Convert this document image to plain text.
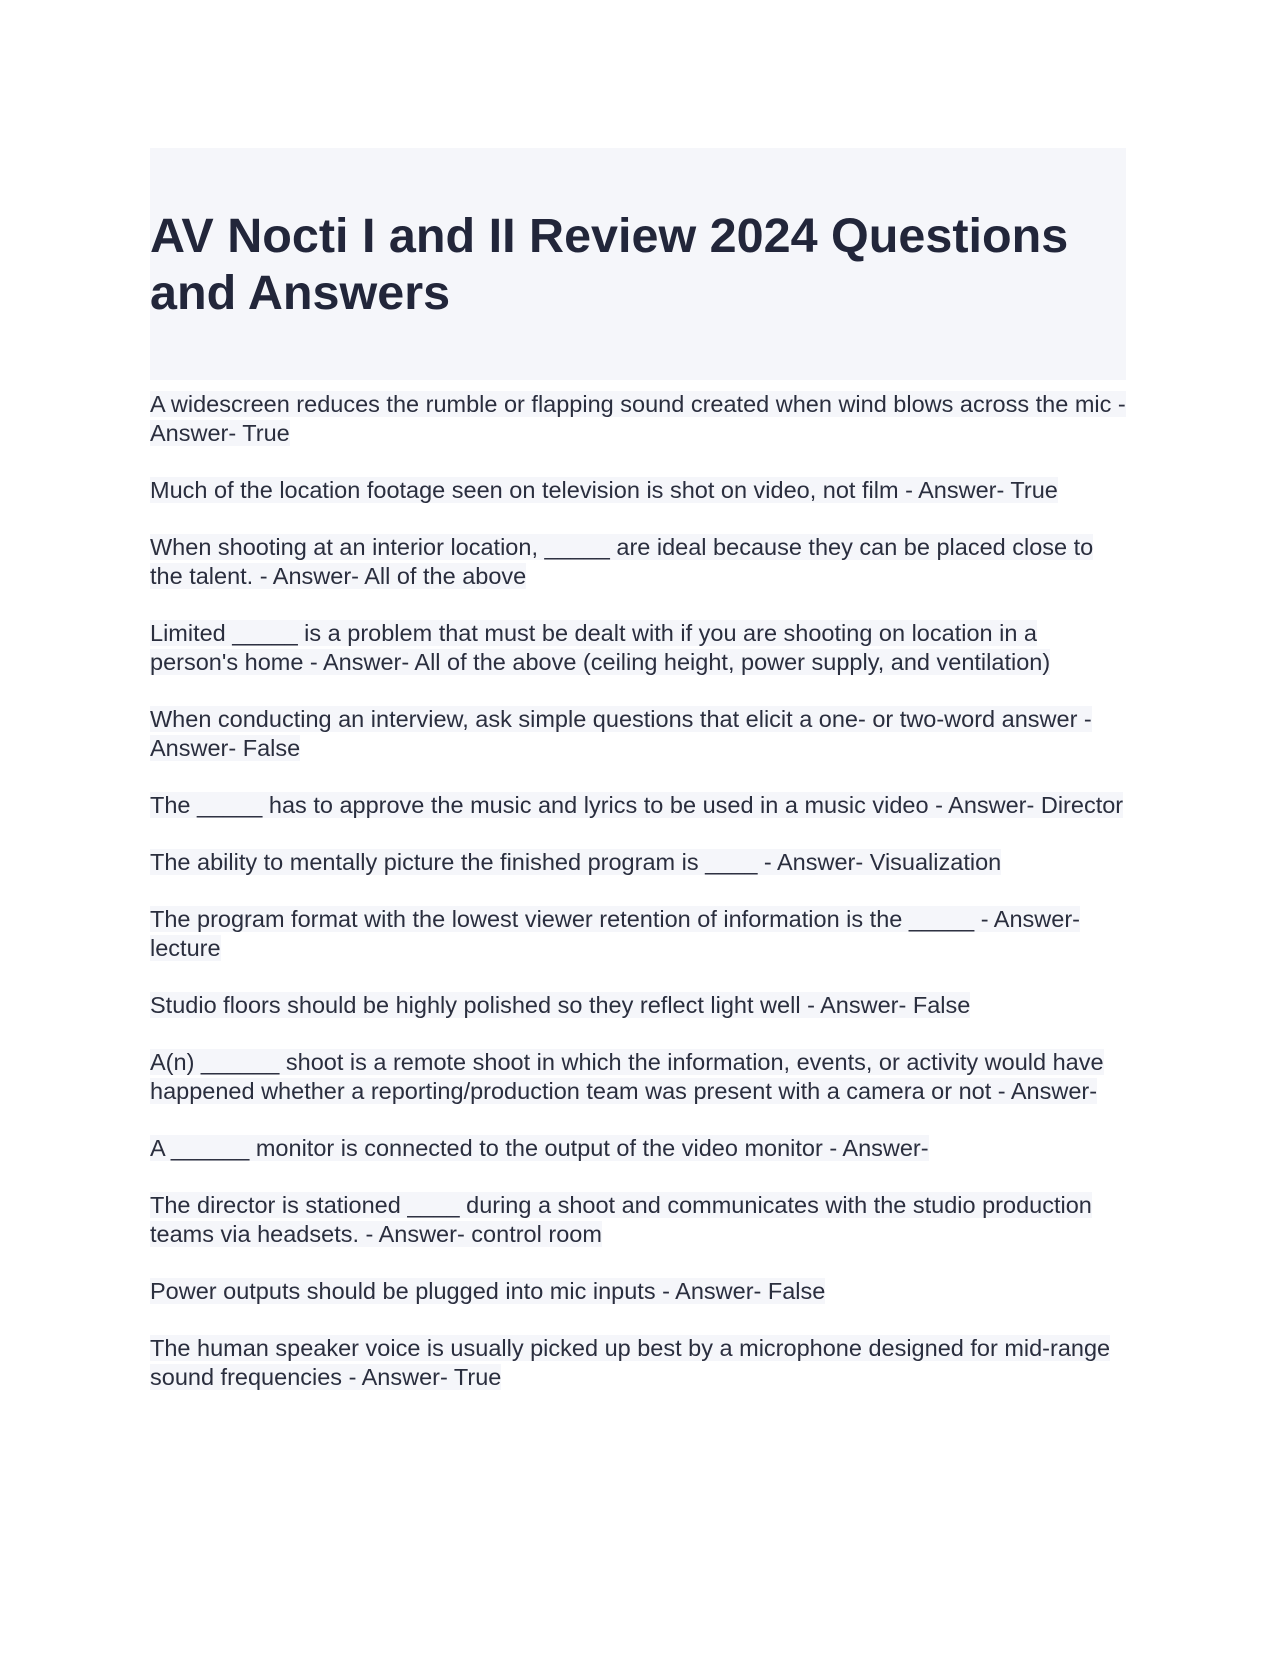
AV Nocti I and II Review 2024 Questions and Answers
A widescreen reduces the rumble or flapping sound created when wind blows across the mic - Answer- True
Much of the location footage seen on television is shot on video, not film - Answer- True
When shooting at an interior location, _____ are ideal because they can be placed close to the talent. - Answer- All of the above
Limited _____ is a problem that must be dealt with if you are shooting on location in a person's home - Answer- All of the above (ceiling height, power supply, and ventilation)
When conducting an interview, ask simple questions that elicit a one- or two-word answer - Answer- False
The _____ has to approve the music and lyrics to be used in a music video - Answer- Director
The ability to mentally picture the finished program is ____ - Answer- Visualization
The program format with the lowest viewer retention of information is the _____ - Answer- lecture
Studio floors should be highly polished so they reflect light well - Answer- False
A(n) ______ shoot is a remote shoot in which the information, events, or activity would have happened whether a reporting/production team was present with a camera or not - Answer-
A ______ monitor is connected to the output of the video monitor - Answer-
The director is stationed ____ during a shoot and communicates with the studio production teams via headsets. - Answer- control room
Power outputs should be plugged into mic inputs - Answer- False
The human speaker voice is usually picked up best by a microphone designed for mid-range sound frequencies - Answer- True
